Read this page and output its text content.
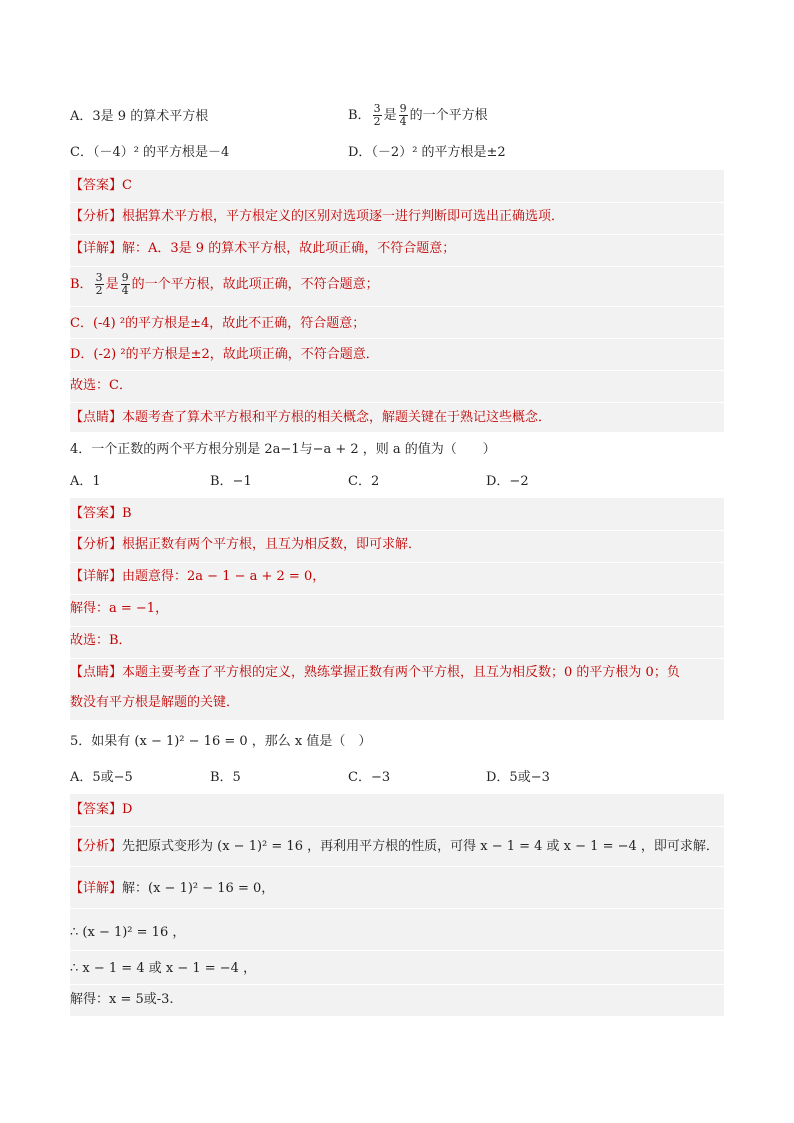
A．3是 9 的算术平方根	B． $\frac{3}{2}$ 是 $\frac{9}{4}$ 的一个平方根
C．（－4）² 的平方根是－4	D．（－2）² 的平方根是±2
【答案】C
【分析】根据算术平方根，平方根定义的区别对选项逐一进行判断即可选出正确选项．
【详解】解：A．3是 9 的算术平方根，故此项正确，不符合题意；
B． $\frac{3}{2}$ 是 $\frac{9}{4}$ 的一个平方根，故此项正确，不符合题意；
C．(-4) ²的平方根是±4，故此不正确，符合题意；
D．(-2) ²的平方根是±2，故此项正确，不符合题意．
故选：C．
【点睛】本题考查了算术平方根和平方根的相关概念，解题关键在于熟记这些概念．
4．一个正数的两个平方根分别是 2a−1与−a + 2 ，则 a 的值为（　　）
A．1	B．−1	C．2	D．−2
【答案】B
【分析】根据正数有两个平方根，且互为相反数，即可求解．
【详解】由题意得：2a − 1 − a + 2 = 0，
解得：a = −1，
故选：B．
【点睛】本题主要考查了平方根的定义，熟练掌握正数有两个平方根，且互为相反数；0 的平方根为 0；负
数没有平方根是解题的关键．
5．如果有 (x − 1)² − 16 = 0 ，那么 x 值是（　）
A．5或−5	B．5	C．−3	D．5或−3
【答案】D
【分析】先把原式变形为 (x − 1)² = 16 ，再利用平方根的性质，可得 x − 1 = 4 或 x − 1 = −4 ，即可求解．
【详解】解：(x − 1)² − 16 = 0，
∴ (x − 1)² = 16 ，
∴ x − 1 = 4 或 x − 1 = −4 ，
解得：x = 5或-3.
